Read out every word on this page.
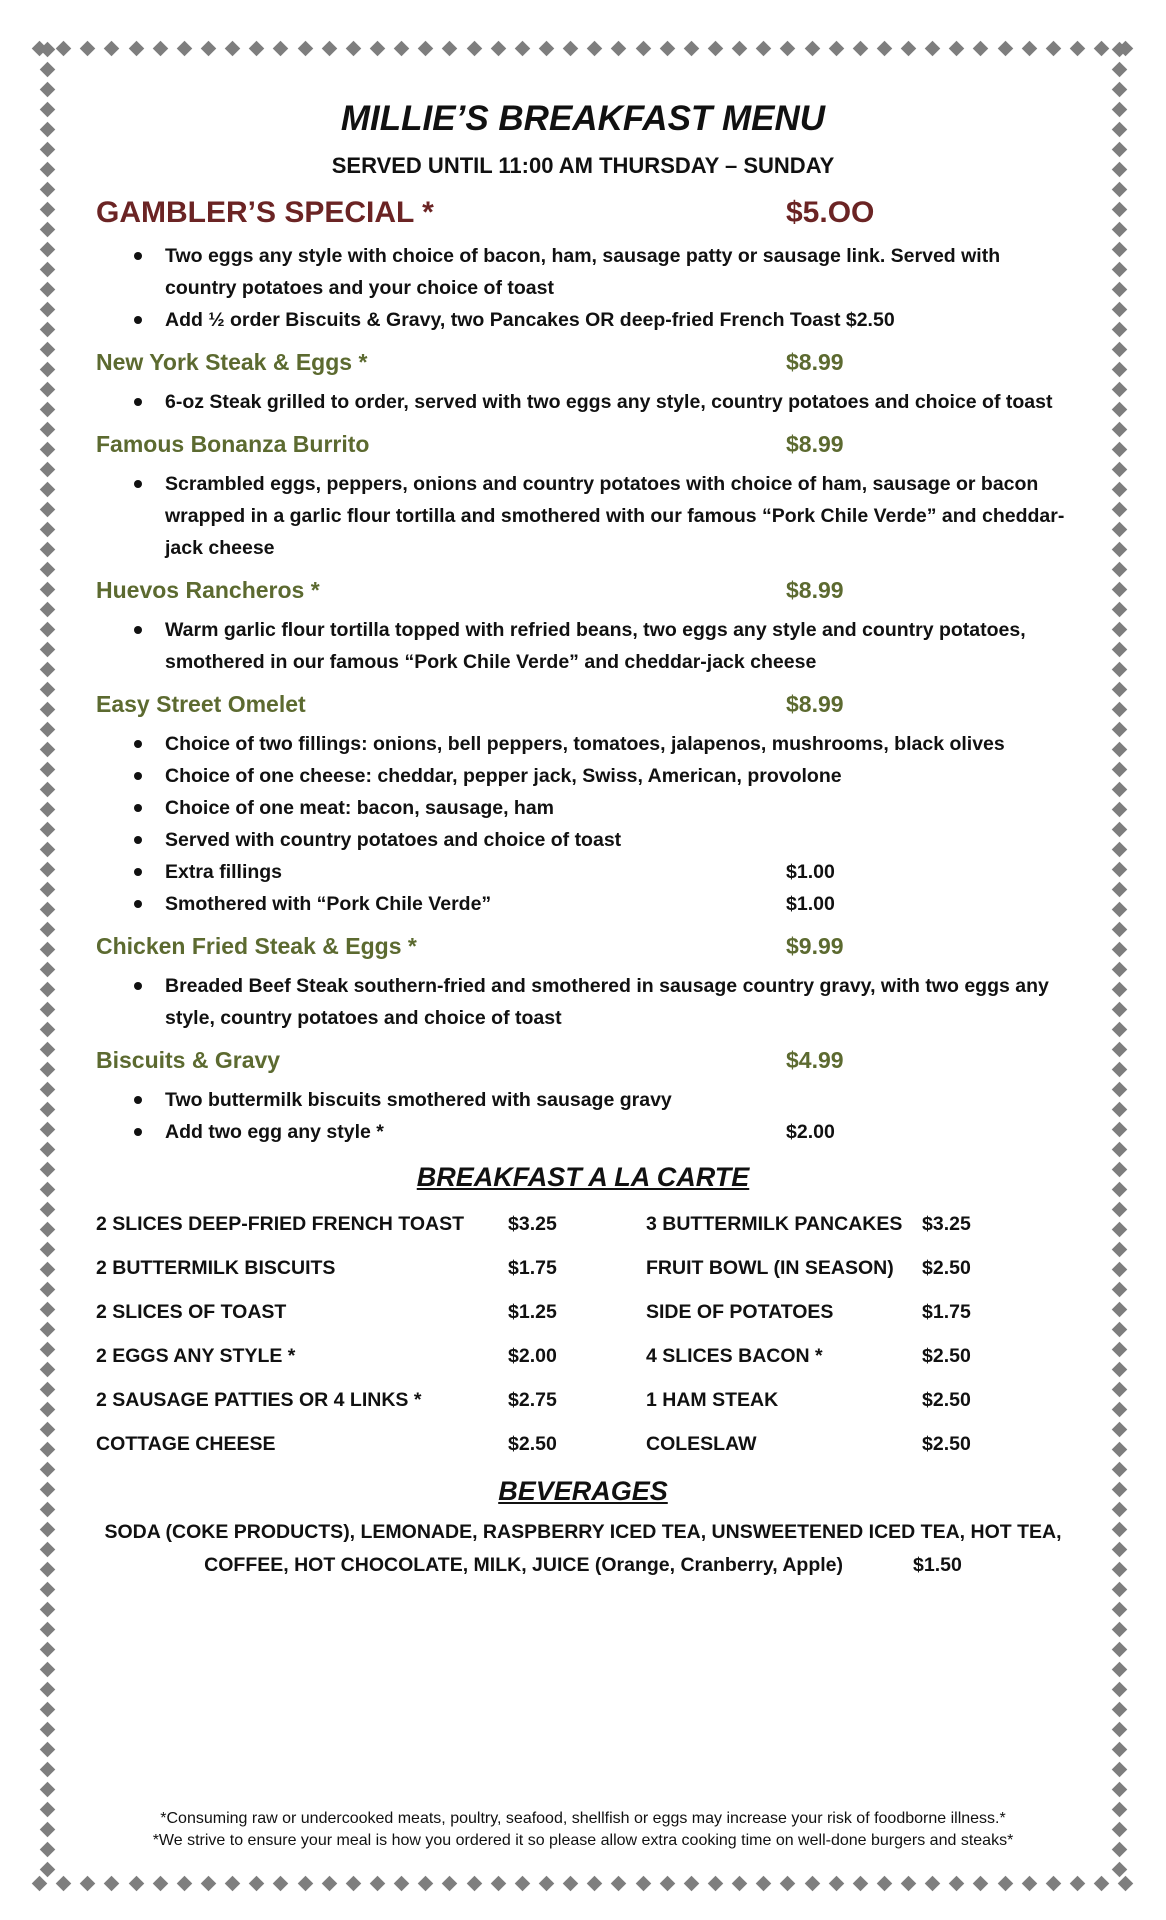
MILLIE’S BREAKFAST MENU
SERVED UNTIL 11:00 AM THURSDAY – SUNDAY
GAMBLER’S SPECIAL *	$5.OO
Two eggs any style with choice of bacon, ham, sausage patty or sausage link. Served with country potatoes and your choice of toast
Add ½ order Biscuits & Gravy, two Pancakes OR deep-fried French Toast $2.50
New York Steak & Eggs *	$8.99
6-oz Steak grilled to order, served with two eggs any style, country potatoes and choice of toast
Famous Bonanza Burrito	$8.99
Scrambled eggs, peppers, onions and country potatoes with choice of ham, sausage or bacon wrapped in a garlic flour tortilla and smothered with our famous “Pork Chile Verde” and cheddar-jack cheese
Huevos Rancheros *	$8.99
Warm garlic flour tortilla topped with refried beans, two eggs any style and country potatoes, smothered in our famous “Pork Chile Verde” and cheddar-jack cheese
Easy Street Omelet	$8.99
Choice of two fillings: onions, bell peppers, tomatoes, jalapenos, mushrooms, black olives
Choice of one cheese: cheddar, pepper jack, Swiss, American, provolone
Choice of one meat: bacon, sausage, ham
Served with country potatoes and choice of toast
Extra fillings	$1.00
Smothered with “Pork Chile Verde”	$1.00
Chicken Fried Steak & Eggs *	$9.99
Breaded Beef Steak southern-fried and smothered in sausage country gravy, with two eggs any style, country potatoes and choice of toast
Biscuits & Gravy	$4.99
Two buttermilk biscuits smothered with sausage gravy
Add two egg any style *	$2.00
BREAKFAST A LA CARTE
2 SLICES DEEP-FRIED FRENCH TOAST $3.25	3 BUTTERMILK PANCAKES $3.25
2 BUTTERMILK BISCUITS	$1.75	FRUIT BOWL (IN SEASON) $2.50
2 SLICES OF TOAST	$1.25	SIDE OF POTATOES	$1.75
2 EGGS ANY STYLE *	$2.00	4 SLICES BACON *	$2.50
2 SAUSAGE PATTIES OR 4 LINKS *	$2.75	1 HAM STEAK	$2.50
COTTAGE CHEESE	$2.50	COLESLAW	$2.50
BEVERAGES
SODA (COKE PRODUCTS), LEMONADE, RASPBERRY ICED TEA, UNSWEETENED ICED TEA, HOT TEA,
COFFEE, HOT CHOCOLATE, MILK, JUICE (Orange, Cranberry, Apple)	$1.50
*Consuming raw or undercooked meats, poultry, seafood, shellfish or eggs may increase your risk of foodborne illness.*
*We strive to ensure your meal is how you ordered it so please allow extra cooking time on well-done burgers and steaks*
